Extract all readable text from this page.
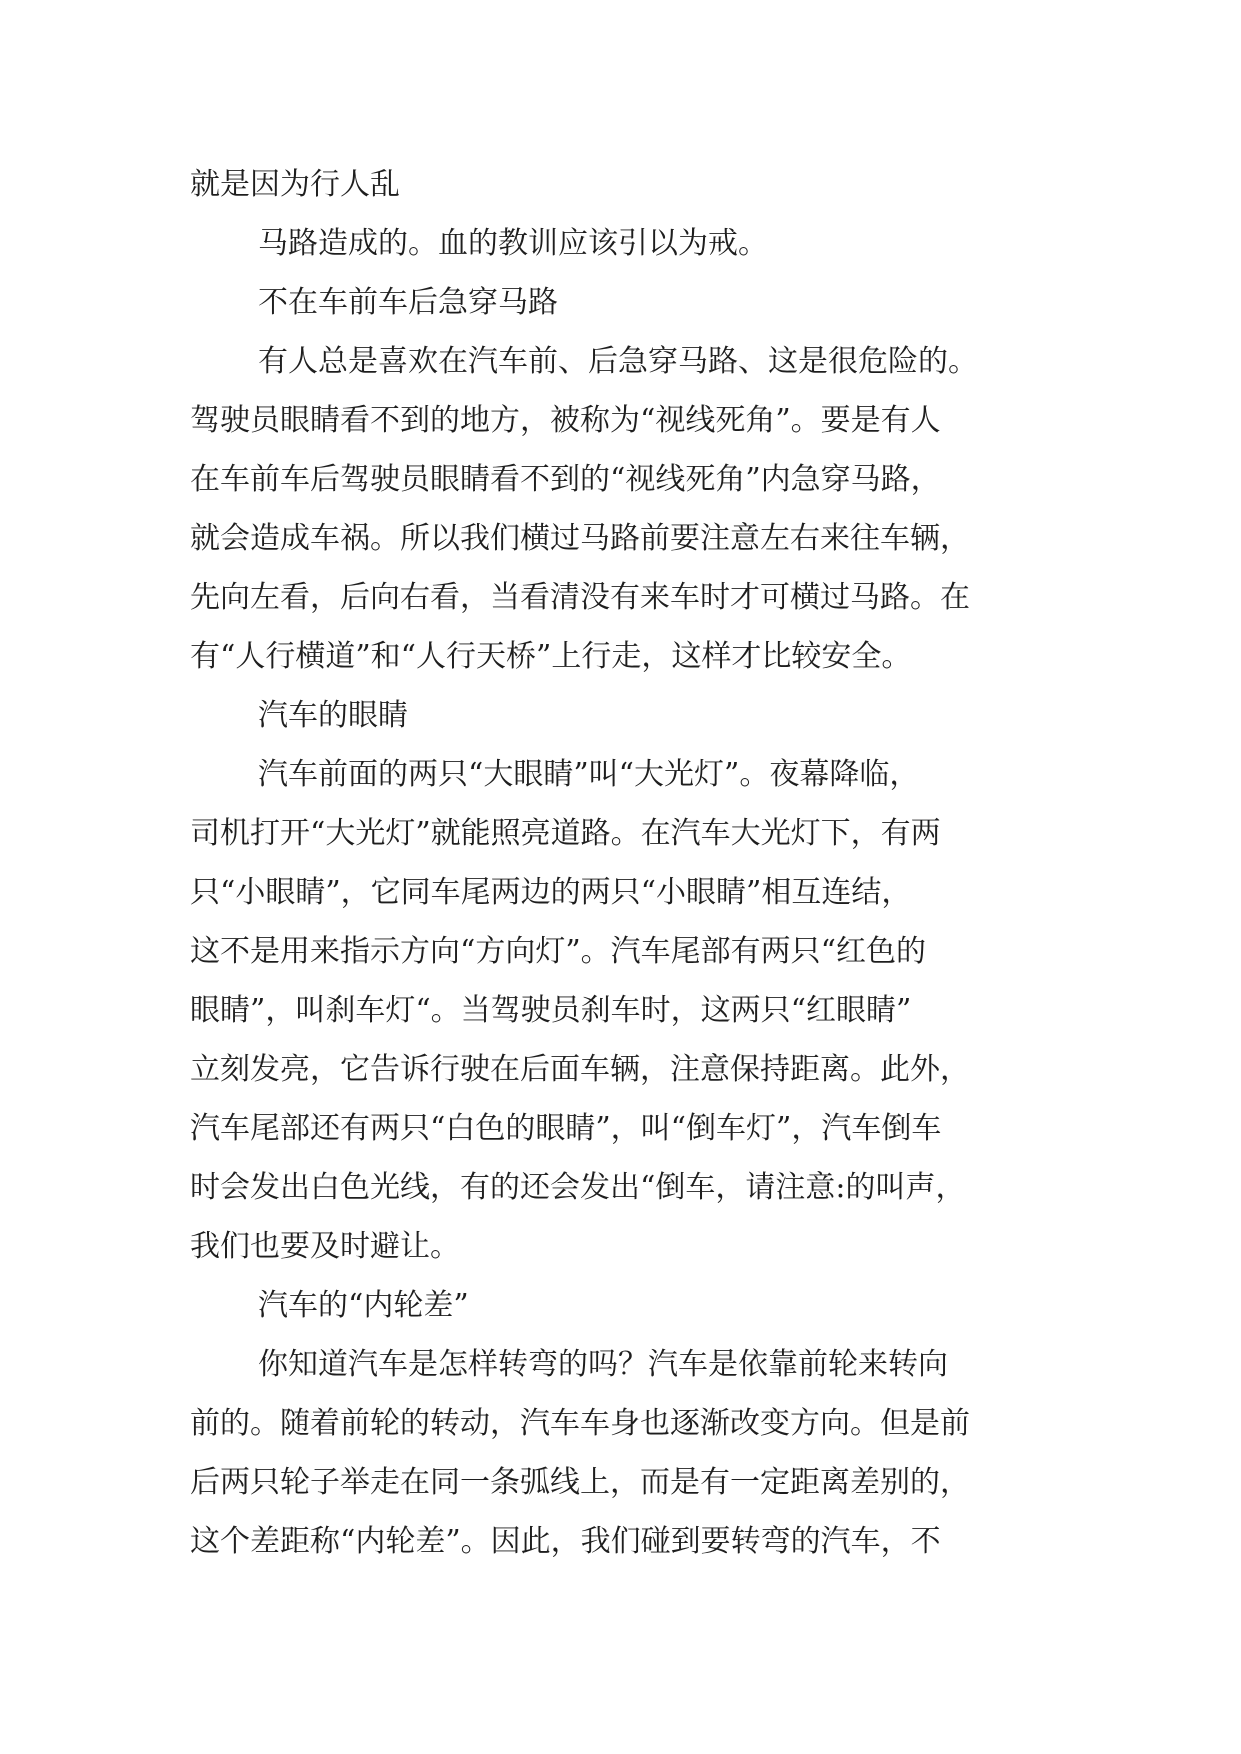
就是因为行人乱
马路造成的。血的教训应该引以为戒。
不在车前车后急穿马路
有人总是喜欢在汽车前、后急穿马路、这是很危险的。
驾驶员眼睛看不到的地方，被称为“视线死角”。要是有人
在车前车后驾驶员眼睛看不到的“视线死角”内急穿马路，
就会造成车祸。所以我们横过马路前要注意左右来往车辆，
先向左看，后向右看，当看清没有来车时才可横过马路。在
有“人行横道”和“人行天桥”上行走，这样才比较安全。
汽车的眼睛
汽车前面的两只“大眼睛”叫“大光灯”。夜幕降临，
司机打开“大光灯”就能照亮道路。在汽车大光灯下，有两
只“小眼睛”，它同车尾两边的两只“小眼睛”相互连结，
这不是用来指示方向“方向灯”。汽车尾部有两只“红色的
眼睛”，叫刹车灯“。当驾驶员刹车时，这两只“红眼睛”
立刻发亮，它告诉行驶在后面车辆，注意保持距离。此外，
汽车尾部还有两只“白色的眼睛”，叫“倒车灯”，汽车倒车
时会发出白色光线，有的还会发出“倒车，请注意:的叫声，
我们也要及时避让。
汽车的“内轮差”
你知道汽车是怎样转弯的吗？汽车是依靠前轮来转向
前的。随着前轮的转动，汽车车身也逐渐改变方向。但是前
后两只轮子举走在同一条弧线上，而是有一定距离差别的，
这个差距称“内轮差”。因此，我们碰到要转弯的汽车，不
